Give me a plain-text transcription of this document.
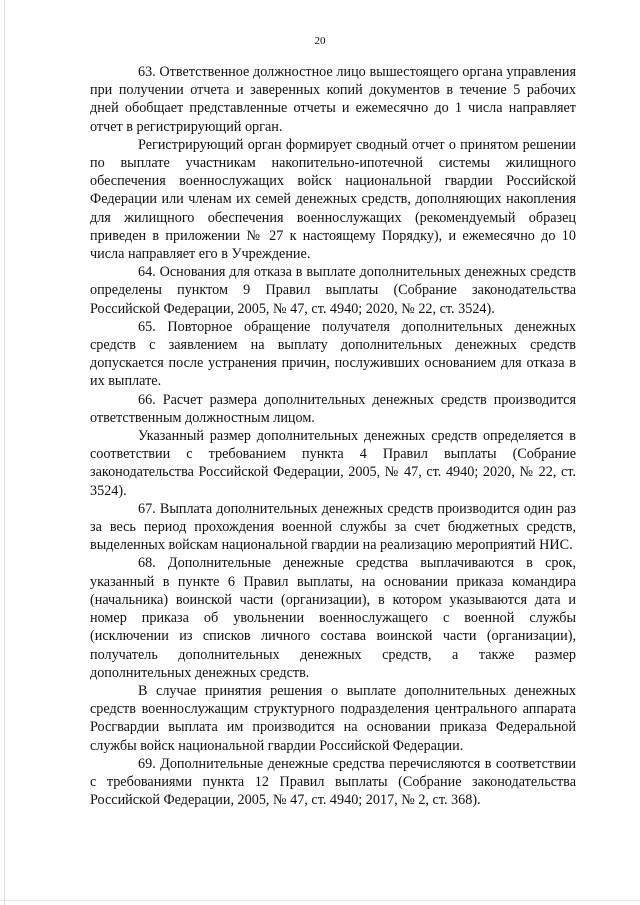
20

63. Ответственное должностное лицо вышестоящего органа управления при получении отчета и заверенных копий документов в течение 5 рабочих дней обобщает представленные отчеты и ежемесячно до 1 числа направляет отчет в регистрирующий орган.

Регистрирующий орган формирует сводный отчет о принятом решении по выплате участникам накопительно-ипотечной системы жилищного обеспечения военнослужащих войск национальной гвардии Российской Федерации или членам их семей денежных средств, дополняющих накопления для жилищного обеспечения военнослужащих (рекомендуемый образец приведен в приложении № 27 к настоящему Порядку), и ежемесячно до 10 числа направляет его в Учреждение.

64. Основания для отказа в выплате дополнительных денежных средств определены пунктом 9 Правил выплаты (Собрание законодательства Российской Федерации, 2005, № 47, ст. 4940; 2020, № 22, ст. 3524).

65. Повторное обращение получателя дополнительных денежных средств с заявлением на выплату дополнительных денежных средств допускается после устранения причин, послуживших основанием для отказа в их выплате.

66. Расчет размера дополнительных денежных средств производится ответственным должностным лицом.

Указанный размер дополнительных денежных средств определяется в соответствии с требованием пункта 4 Правил выплаты (Собрание законодательства Российской Федерации, 2005, № 47, ст. 4940; 2020, № 22, ст. 3524).

67. Выплата дополнительных денежных средств производится один раз за весь период прохождения военной службы за счет бюджетных средств, выделенных войскам национальной гвардии на реализацию мероприятий НИС.

68. Дополнительные денежные средства выплачиваются в срок, указанный в пункте 6 Правил выплаты, на основании приказа командира (начальника) воинской части (организации), в котором указываются дата и номер приказа об увольнении военнослужащего с военной службы (исключении из списков личного состава воинской части (организации), получатель дополнительных денежных средств, а также размер дополнительных денежных средств.

В случае принятия решения о выплате дополнительных денежных средств военнослужащим структурного подразделения центрального аппарата Росгвардии выплата им производится на основании приказа Федеральной службы войск национальной гвардии Российской Федерации.

69. Дополнительные денежные средства перечисляются в соответствии с требованиями пункта 12 Правил выплаты (Собрание законодательства Российской Федерации, 2005, № 47, ст. 4940; 2017, № 2, ст. 368).
